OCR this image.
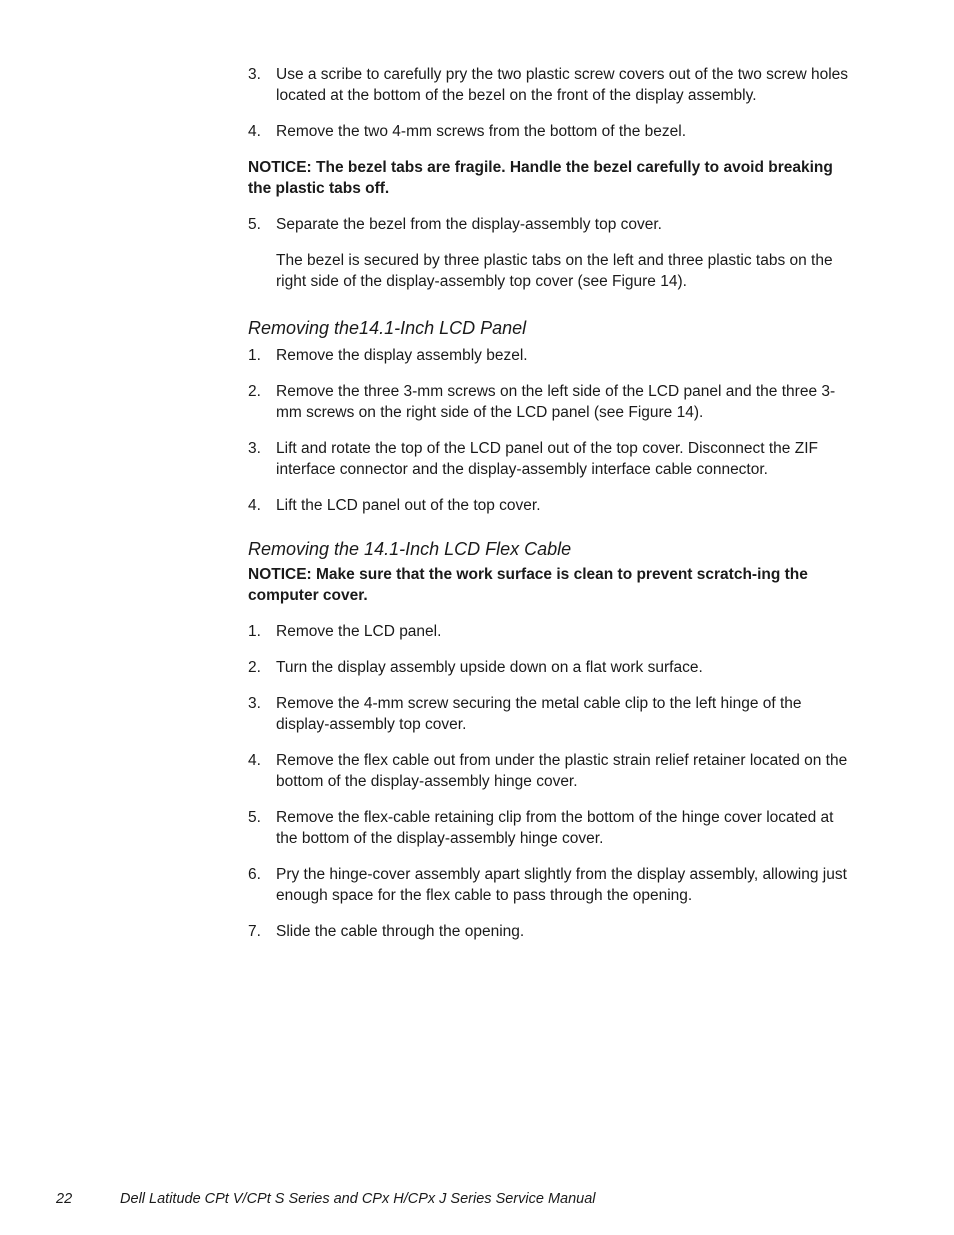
3. Use a scribe to carefully pry the two plastic screw covers out of the two screw holes located at the bottom of the bezel on the front of the display assembly.
4. Remove the two 4-mm screws from the bottom of the bezel.
NOTICE: The bezel tabs are fragile. Handle the bezel carefully to avoid breaking the plastic tabs off.
5. Separate the bezel from the display-assembly top cover.
The bezel is secured by three plastic tabs on the left and three plastic tabs on the right side of the display-assembly top cover (see Figure 14).
Removing the14.1-Inch LCD Panel
1. Remove the display assembly bezel.
2. Remove the three 3-mm screws on the left side of the LCD panel and the three 3-mm screws on the right side of the LCD panel (see Figure 14).
3. Lift and rotate the top of the LCD panel out of the top cover. Disconnect the ZIF interface connector and the display-assembly interface cable connector.
4. Lift the LCD panel out of the top cover.
Removing the 14.1-Inch LCD Flex Cable
NOTICE: Make sure that the work surface is clean to prevent scratch-ing the computer cover.
1. Remove the LCD panel.
2. Turn the display assembly upside down on a flat work surface.
3. Remove the 4-mm screw securing the metal cable clip to the left hinge of the display-assembly top cover.
4. Remove the flex cable out from under the plastic strain relief retainer located on the bottom of the display-assembly hinge cover.
5. Remove the flex-cable retaining clip from the bottom of the hinge cover located at the bottom of the display-assembly hinge cover.
6. Pry the hinge-cover assembly apart slightly from the display assembly, allowing just enough space for the flex cable to pass through the opening.
7. Slide the cable through the opening.
22	Dell Latitude CPt V/CPt S Series and CPx H/CPx J Series Service Manual
